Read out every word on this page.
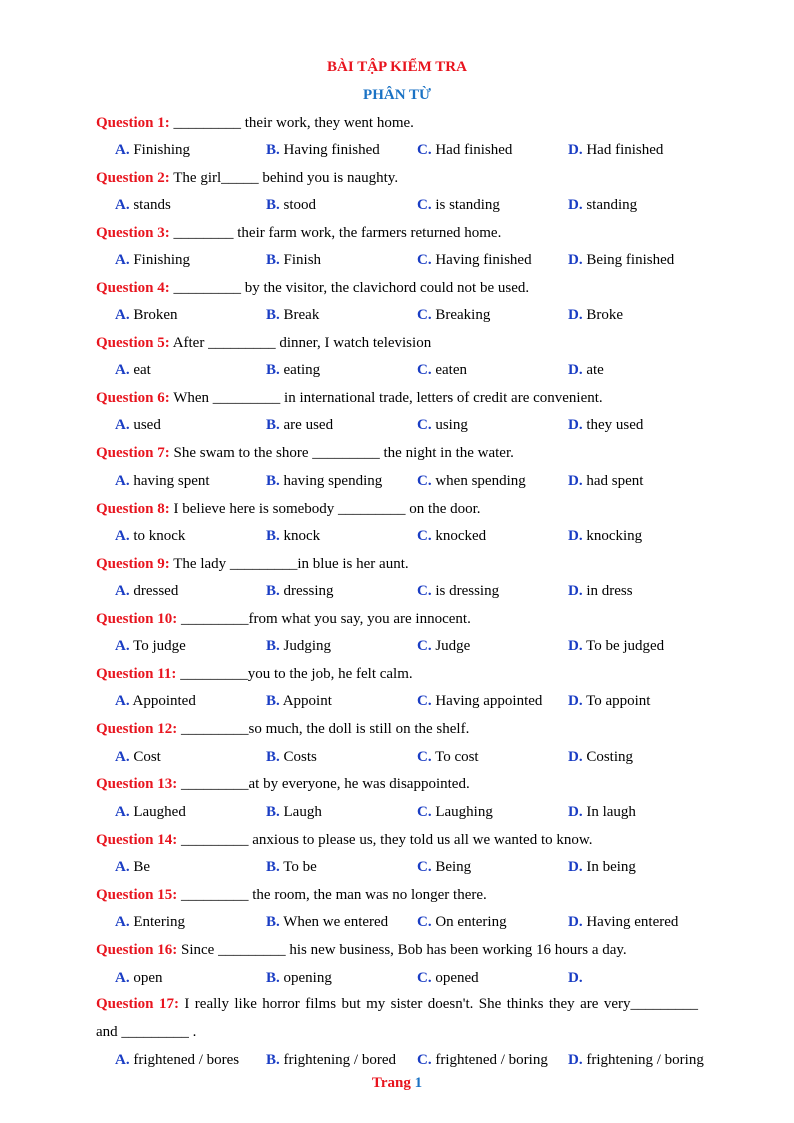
BÀI TẬP KIỂM TRA
PHÂN TỪ
Question 1: _________ their work, they went home.
A. Finishing	B. Having finished C. Had finished	D. Had finished
Question 2: The girl_____ behind you is naughty.
A. stands	B. stood	C. is standing	D. standing
Question 3: ________ their farm work, the farmers returned home.
A. Finishing	B. Finish	C. Having finished D. Being finished
Question 4: _________ by the visitor, the clavichord could not be used.
A. Broken	B. Break	C. Breaking	D. Broke
Question 5: After _________ dinner, I watch television
A. eat	B. eating	C. eaten	D. ate
Question 6: When _________ in international trade, letters of credit are convenient.
A. used	B. are used	C. using	D. they used
Question 7: She swam to the shore _________ the night in the water.
A. having spent	B. having spending C. when spending	D. had spent
Question 8: I believe here is somebody _________ on the door.
A. to knock	B. knock	C. knocked	D. knocking
Question 9: The lady _________in blue is her aunt.
A. dressed	B. dressing	C. is dressing	D. in dress
Question 10: _________from what you say, you are innocent.
A. To judge	B. Judging	C. Judge	D. To be judged
Question 11: _________you to the job, he felt calm.
A. Appointed	B. Appoint	C. Having appointed D. To appoint
Question 12: _________so much, the doll is still on the shelf.
A. Cost	B. Costs	C. To cost	D. Costing
Question 13: _________at by everyone, he was disappointed.
A. Laughed	B. Laugh	C. Laughing	D. In laugh
Question 14: _________ anxious to please us, they told us all we wanted to know.
A. Be	B. To be	C. Being	D. In being
Question 15: _________ the room, the man was no longer there.
A. Entering	B. When we entered C. On entering	D. Having entered
Question 16: Since _________ his new business, Bob has been working 16 hours a day.
A. open	B. opening	C. opened	D.
Question 17: I really like horror films but my sister doesn't. She thinks they are very_________ and _________ .
A. frightened / bores B. frightening / bored C. frightened / boring D. frightening / boring
Trang 1
